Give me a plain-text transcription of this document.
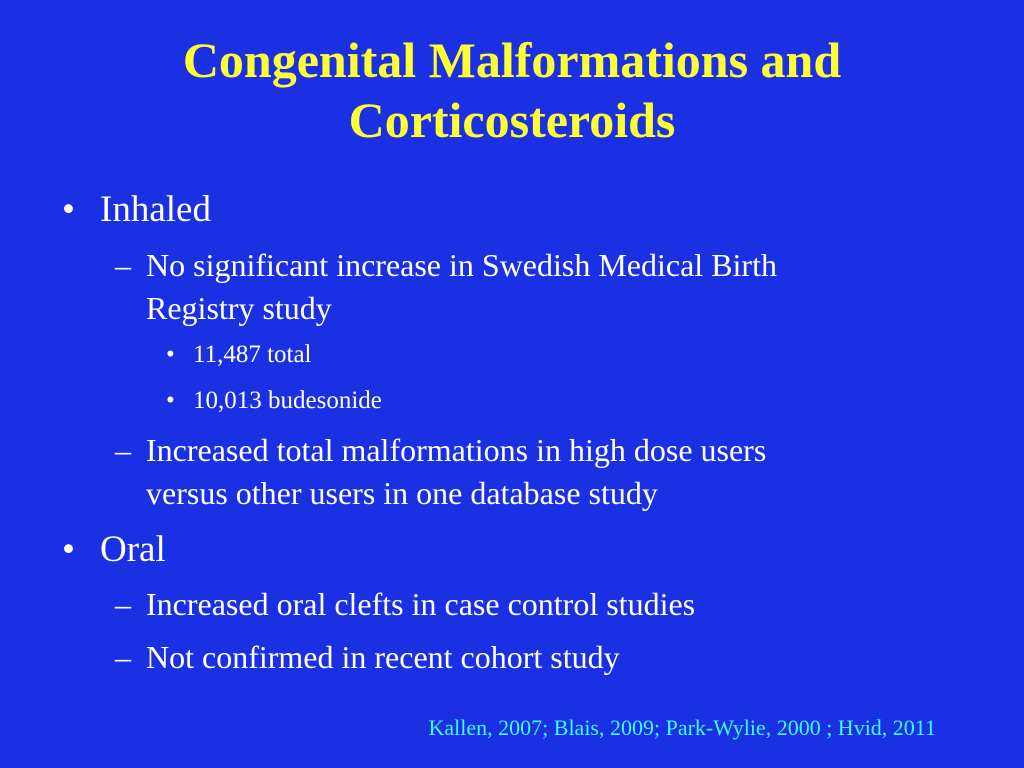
Congenital Malformations and
Corticosteroids
• Inhaled
– No significant increase in Swedish Medical Birth
Registry study
• 11,487 total
• 10,013 budesonide
– Increased total malformations in high dose users
versus other users in one database study
• Oral
– Increased oral clefts in case control studies
– Not confirmed in recent cohort study
Kallen, 2007; Blais, 2009; Park-Wylie, 2000 ; Hvid, 2011
